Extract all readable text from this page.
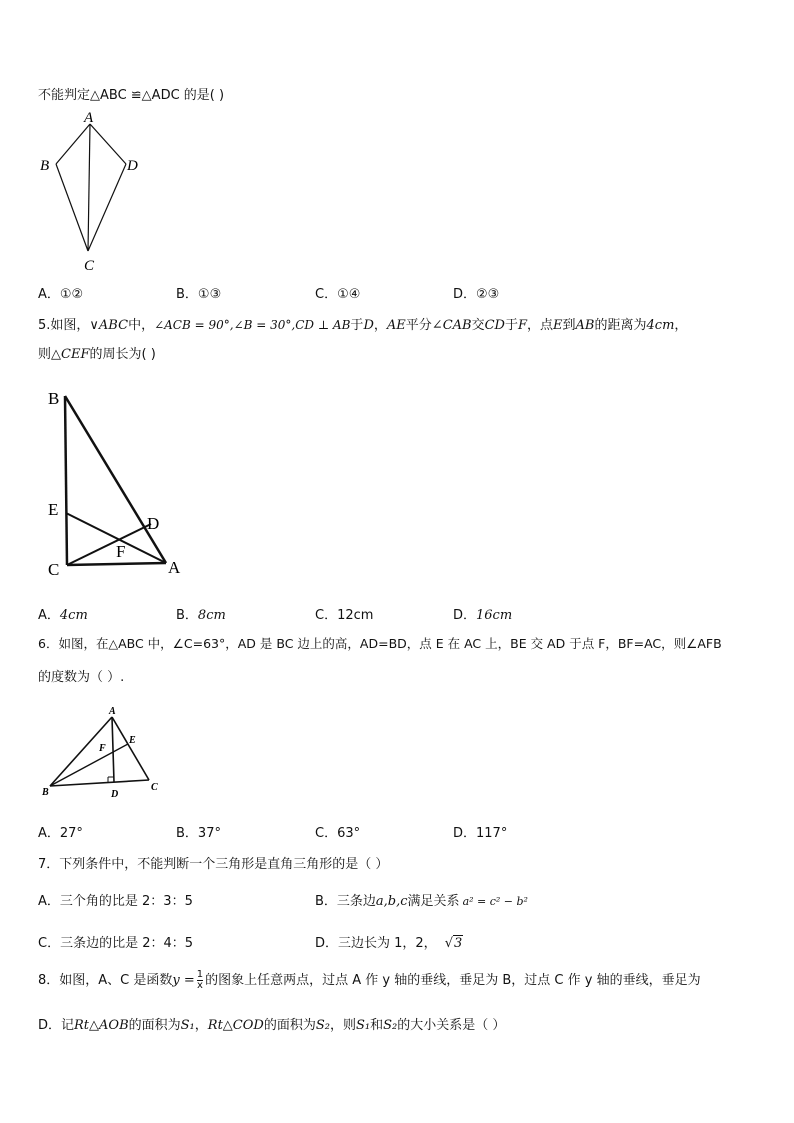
不能判定△ABC ≌△ADC 的是( )
A
B	D
C
A．①②	B．①③	C．①④	D．②③
5.如图，∨ABC中，∠ACB = 90°,∠B = 30°,CD ⊥ AB于D，AE平分∠CAB交CD于F，点E到AB的距离为4cm，
则△CEF的周长为( )
B
E
D
F
C	A
A．4cm	B．8cm	C．12cm	D．16cm
6．如图，在△ABC 中，∠C=63°，AD 是 BC 边上的高，AD=BD，点 E 在 AC 上，BE 交 AD 于点 F，BF=AC，则∠AFB
的度数为（ ）.
A
F
E
B	D
C
A．27°	B．37°	C．63°	D．117°
7．下列条件中，不能判断一个三角形是直角三角形的是（ ）
A．三个角的比是 2：3：5	B．三条边a,b,c满足关系 a² = c² − b²
C．三条边的比是 2：4：5	D．三边长为 1，2， √3
8．如图，A、C 是函数$y = \frac{1}{x}$ 的图象上任意两点，过点 A 作 y 轴的垂线，垂足为 B，过点 C 作 y 轴的垂线，垂足为
D．记Rt△AOB的面积为S₁，Rt△COD的面积为S₂，则S₁和S₂的大小关系是（ ）
